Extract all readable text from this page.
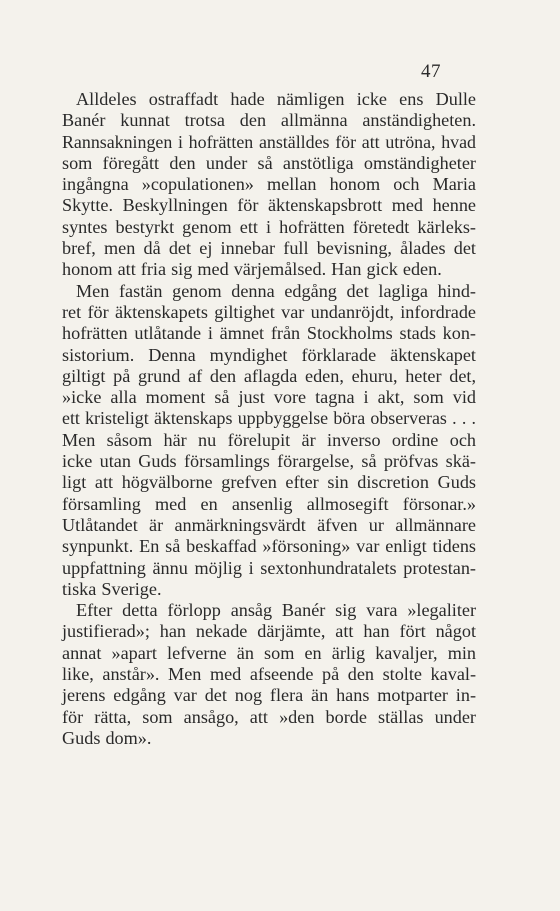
47
Alldeles ostraffadt hade nämligen icke ens Dulle
Banér kunnat trotsa den allmänna anständigheten.
Rannsakningen i hofrätten anställdes för att utröna, hvad
som föregått den under så anstötliga omständigheter
ingångna »copulationen» mellan honom och Maria
Skytte. Beskyllningen för äktenskapsbrott med henne
syntes bestyrkt genom ett i hofrätten företedt kärleks-
bref, men då det ej innebar full bevisning, ålades det
honom att fria sig med värjemålsed. Han gick eden.
Men fastän genom denna edgång det lagliga hind-
ret för äktenskapets giltighet var undanröjdt, infordrade
hofrätten utlåtande i ämnet från Stockholms stads kon-
sistorium. Denna myndighet förklarade äktenskapet
giltigt på grund af den aflagda eden, ehuru, heter det,
»icke alla moment så just vore tagna i akt, som vid
ett kristeligt äktenskaps uppbyggelse böra observeras . . .
Men såsom här nu förelupit är inverso ordine och
icke utan Guds församlings förargelse, så pröfvas skä-
ligt att högvälborne grefven efter sin discretion Guds
församling med en ansenlig allmosegift försonar.»
Utlåtandet är anmärkningsvärdt äfven ur allmännare
synpunkt. En så beskaffad »försoning» var enligt tidens
uppfattning ännu möjlig i sextonhundratalets protestan-
tiska Sverige.
Efter detta förlopp ansåg Banér sig vara »legaliter
justifierad»; han nekade därjämte, att han fört något
annat »apart lefverne än som en ärlig kavaljer, min
like, anstår». Men med afseende på den stolte kaval-
jerens edgång var det nog flera än hans motparter in-
för rätta, som ansågo, att »den borde ställas under
Guds dom».
